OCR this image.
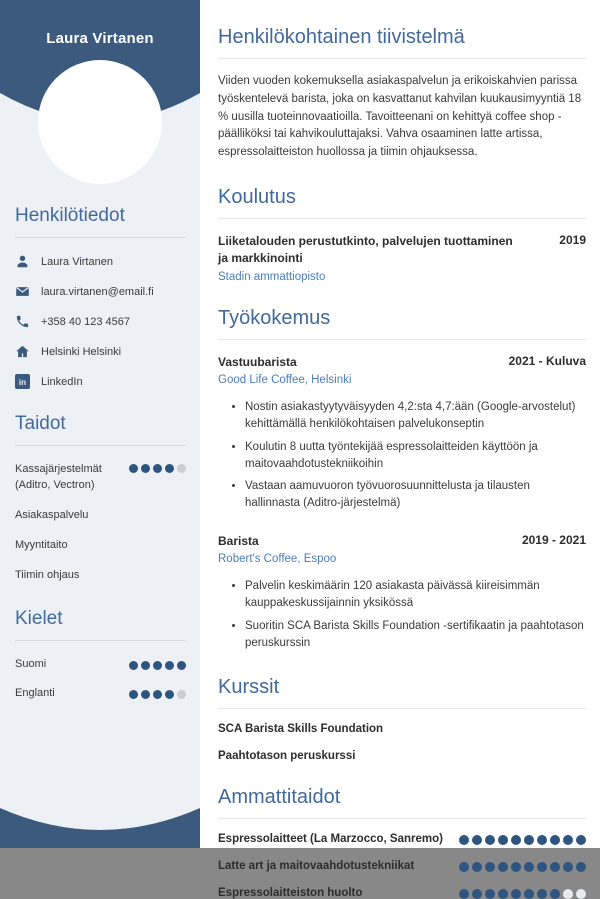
Laura Virtanen
Henkilötiedot
Laura Virtanen
laura.virtanen@email.fi
+358 40 123 4567
Helsinki Helsinki
in LinkedIn
Taidot
Kassajärjestelmät (Aditro, Vectron)
Asiakaspalvelu
Myyntitaito
Tiimin ohjaus
Kielet
Suomi
Englanti
Henkilökohtainen tiivistelmä

Viiden vuoden kokemuksella asiakaspalvelun ja erikoiskahvien parissa työskentelevä barista, joka on kasvattanut kahvilan kuukausimyyntiä 18 % uusilla tuoteinnovaatioilla. Tavoitteenani on kehittyä coffee shop -päälliköksi tai kahvikouluttajaksi. Vahva osaaminen latte artissa, espressolaitteiston huollossa ja tiimin ohjauksessa.

Koulutus
Liiketalouden perustutkinto, palvelujen tuottaminen ja markkinointi
2019
Stadin ammattiopisto
Työkokemus
Vastuubarista	2021 - Kuluva
Good Life Coffee, Helsinki
• Nostin asiakastyytyväisyyden 4,2:sta 4,7:ään (Google-arvostelut) kehittämällä henkilökohtaisen palvelukonseptin
• Koulutin 8 uutta työntekijää espressolaitteiden käyttöön ja maitovaahdotustekniikoihin
• Vastaan aamuvuoron työvuorosuunnittelusta ja tilausten hallinnasta (Aditro-järjestelmä)
Barista	2019 - 2021
Robert's Coffee, Espoo
• Palvelin keskimäärin 120 asiakasta päivässä kiireisimmän kauppakeskussijainnin yksikössä
• Suoritin SCA Barista Skills Foundation -sertifikaatin ja paahtotason peruskurssin
Kurssit

SCA Barista Skills Foundation

Paahtotason peruskurssi

Ammattitaidot
Espressolaitteet (La Marzocco, Sanremo)
Latte art ja maitovaahdotustekniikat
Espressolaitteiston huolto
